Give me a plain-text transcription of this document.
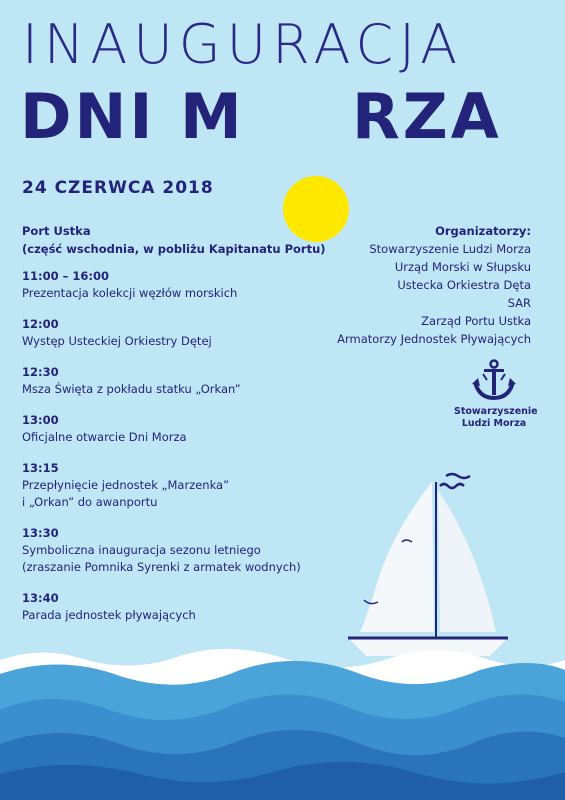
INAUGURACJA
DNI M RZA
24 CZERWCA 2018
Port Ustka
(część wschodnia, w pobliżu Kapitanatu Portu)
11:00 – 16:00
Prezentacja kolekcji węzłów morskich
12:00
Występ Usteckiej Orkiestry Dętej
12:30
Msza Święta z pokładu statku „Orkan”
13:00
Oficjalne otwarcie Dni Morza
13:15
Przepłynięcie jednostek „Marzenka”
i „Orkan” do awanportu
13:30
Symboliczna inauguracja sezonu letniego
(zraszanie Pomnika Syrenki z armatek wodnych)
13:40
Parada jednostek pływających
Organizatorzy:
Stowarzyszenie Ludzi Morza
Urząd Morski w Słupsku
Ustecka Orkiestra Dęta
SAR
Zarząd Portu Ustka
Armatorzy Jednostek Pływających
Stowarzyszenie
Ludzi Morza
